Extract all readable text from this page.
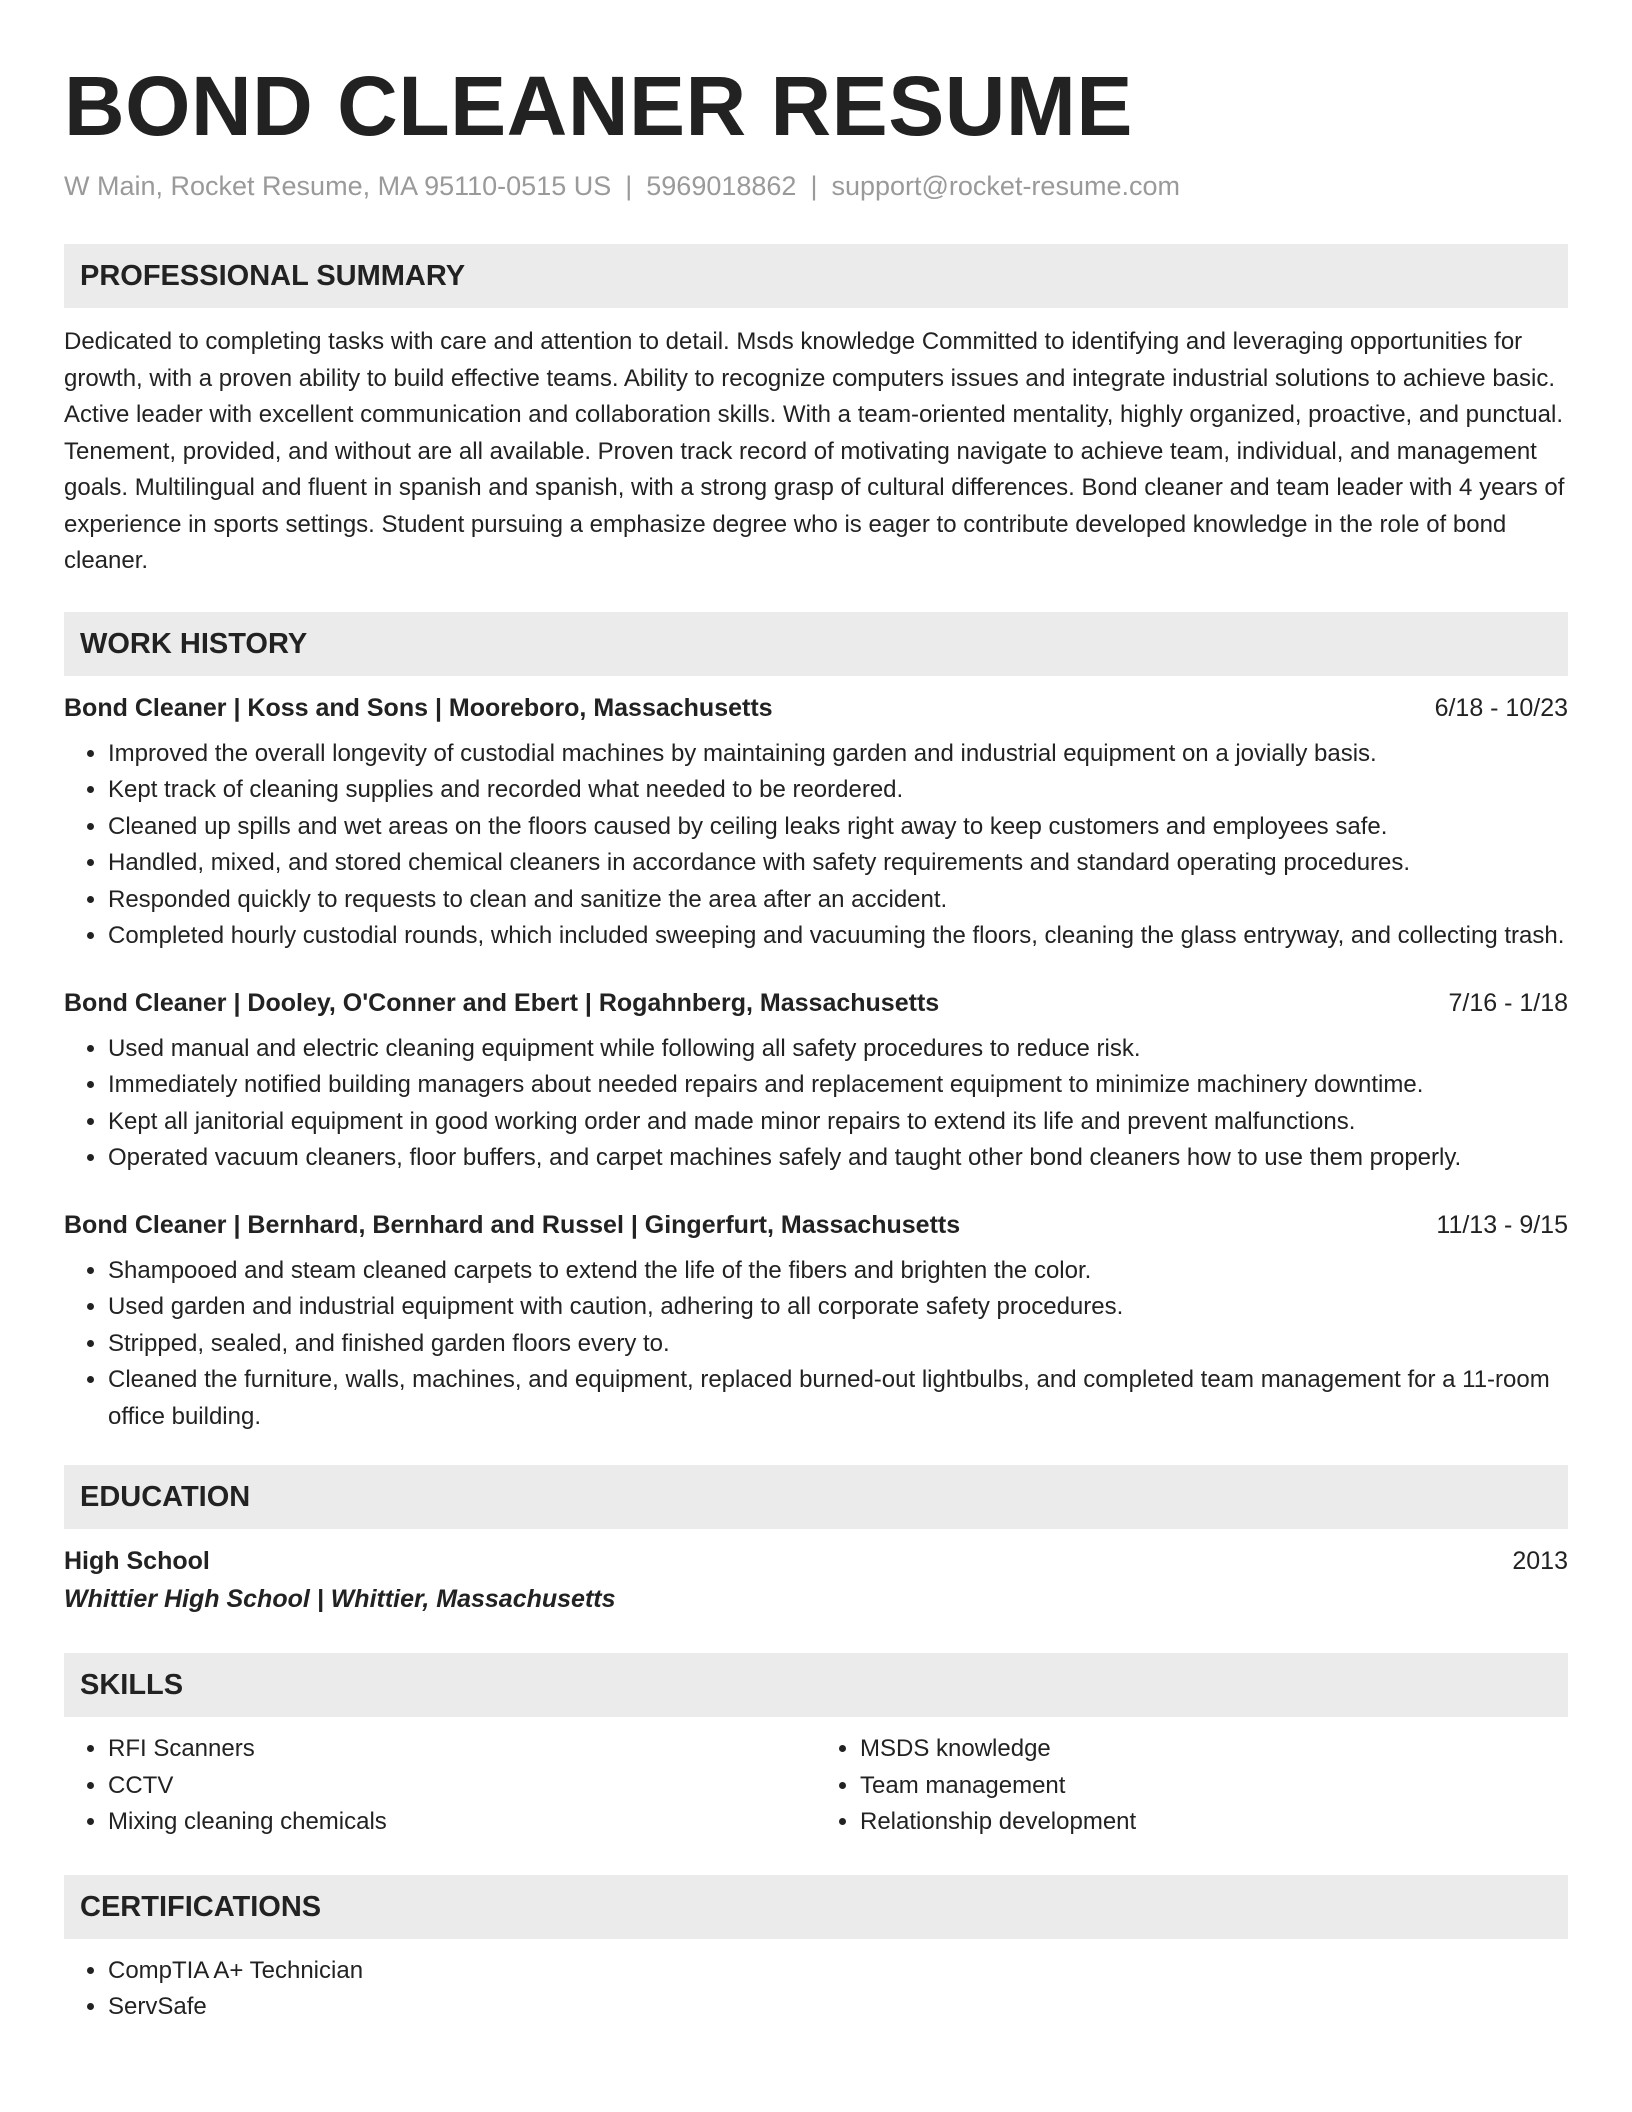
BOND CLEANER RESUME
W Main, Rocket Resume, MA 95110-0515 US | 5969018862 | support@rocket-resume.com
PROFESSIONAL SUMMARY

Dedicated to completing tasks with care and attention to detail. Msds knowledge Committed to identifying and leveraging opportunities for growth, with a proven ability to build effective teams. Ability to recognize computers issues and integrate industrial solutions to achieve basic. Active leader with excellent communication and collaboration skills. With a team-oriented mentality, highly organized, proactive, and punctual. Tenement, provided, and without are all available. Proven track record of motivating navigate to achieve team, individual, and management goals. Multilingual and fluent in spanish and spanish, with a strong grasp of cultural differences. Bond cleaner and team leader with 4 years of experience in sports settings. Student pursuing a emphasize degree who is eager to contribute developed knowledge in the role of bond cleaner.

WORK HISTORY
Bond Cleaner | Koss and Sons | Mooreboro, Massachusetts	6/18 - 10/23
• Improved the overall longevity of custodial machines by maintaining garden and industrial equipment on a jovially basis.
• Kept track of cleaning supplies and recorded what needed to be reordered.
• Cleaned up spills and wet areas on the floors caused by ceiling leaks right away to keep customers and employees safe.
• Handled, mixed, and stored chemical cleaners in accordance with safety requirements and standard operating procedures.
• Responded quickly to requests to clean and sanitize the area after an accident.
• Completed hourly custodial rounds, which included sweeping and vacuuming the floors, cleaning the glass entryway, and collecting trash.
Bond Cleaner | Dooley, O'Conner and Ebert | Rogahnberg, Massachusetts	7/16 - 1/18
• Used manual and electric cleaning equipment while following all safety procedures to reduce risk.
• Immediately notified building managers about needed repairs and replacement equipment to minimize machinery downtime.
• Kept all janitorial equipment in good working order and made minor repairs to extend its life and prevent malfunctions.
• Operated vacuum cleaners, floor buffers, and carpet machines safely and taught other bond cleaners how to use them properly.
Bond Cleaner | Bernhard, Bernhard and Russel | Gingerfurt, Massachusetts	11/13 - 9/15
• Shampooed and steam cleaned carpets to extend the life of the fibers and brighten the color.
• Used garden and industrial equipment with caution, adhering to all corporate safety procedures.
• Stripped, sealed, and finished garden floors every to.
• Cleaned the furniture, walls, machines, and equipment, replaced burned-out lightbulbs, and completed team management for a 11-room office building.
EDUCATION
High School	2013
Whittier High School | Whittier, Massachusetts
SKILLS
• RFI Scanners
• CCTV
• Mixing cleaning chemicals
• MSDS knowledge
• Team management
• Relationship development
CERTIFICATIONS
• CompTIA A+ Technician
• ServSafe
